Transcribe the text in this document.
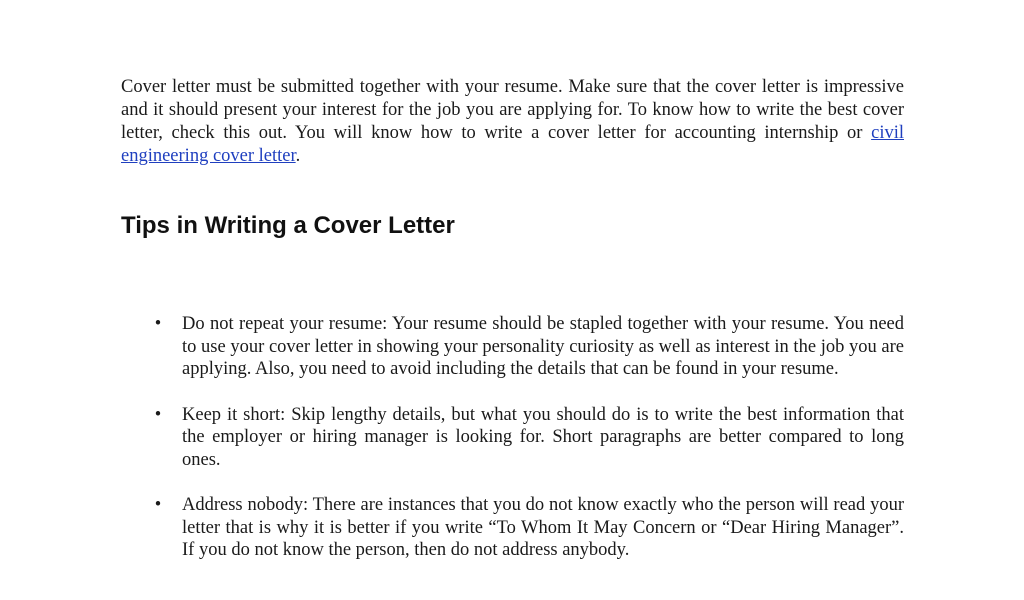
Cover letter must be submitted together with your resume. Make sure that the cover letter is impressive and it should present your interest for the job you are applying for. To know how to write the best cover letter, check this out. You will know how to write a cover letter for accounting internship or civil engineering cover letter.

Tips in Writing a Cover Letter
• Do not repeat your resume: Your resume should be stapled together with your resume. You need to use your cover letter in showing your personality curiosity as well as interest in the job you are applying. Also, you need to avoid including the details that can be found in your resume.
• Keep it short: Skip lengthy details, but what you should do is to write the best information that the employer or hiring manager is looking for. Short paragraphs are better compared to long ones.
• Address nobody: There are instances that you do not know exactly who the person will read your letter that is why it is better if you write “To Whom It May Concern or “Dear Hiring Manager”. If you do not know the person, then do not address anybody.
